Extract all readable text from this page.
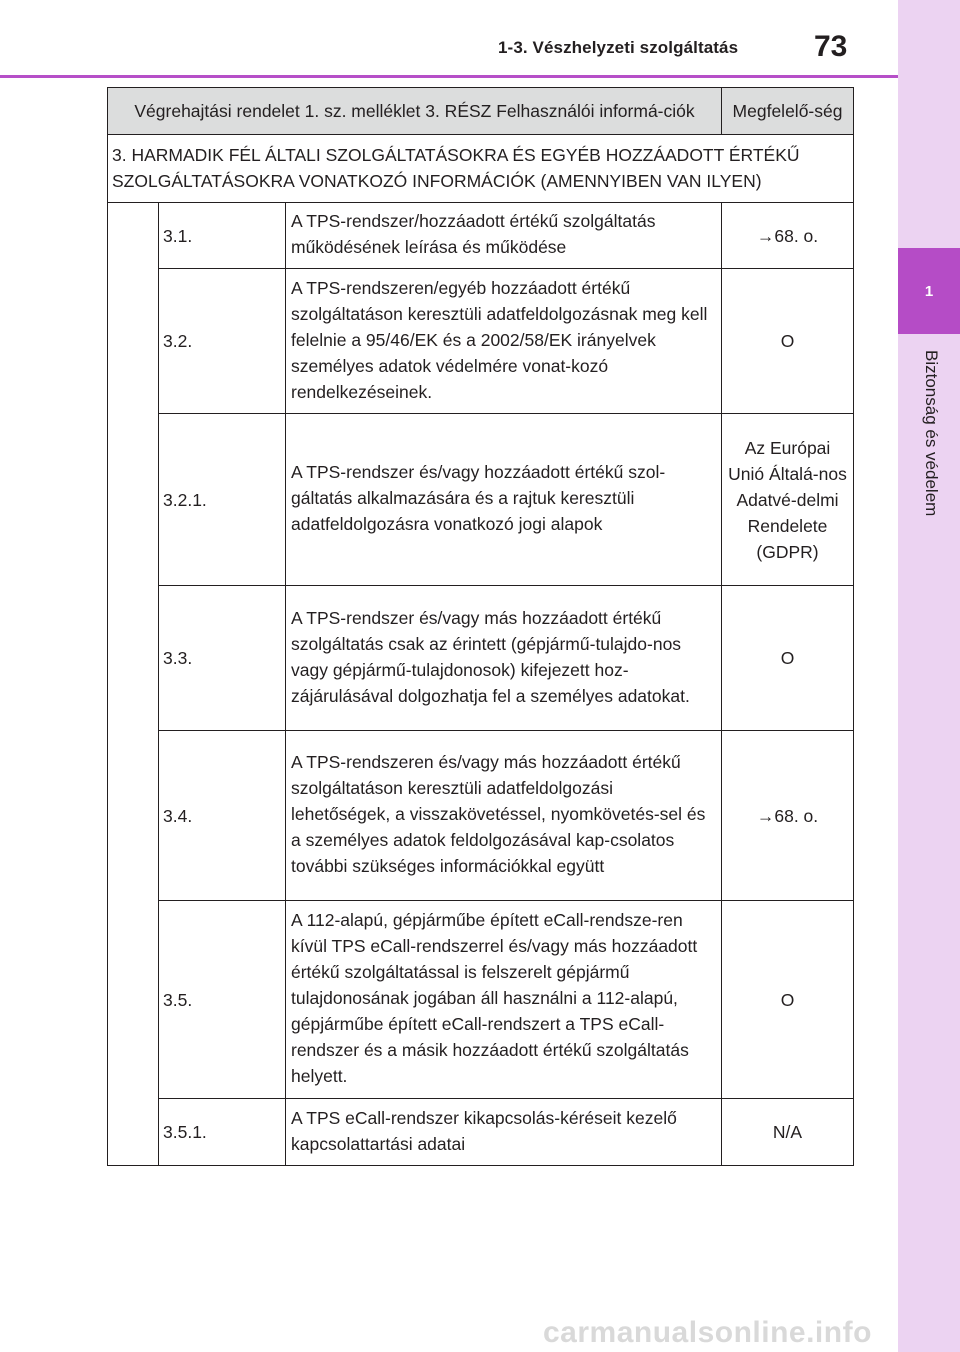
1-3. Vészhelyzeti szolgáltatás	73
1
Biztonság és védelem
Végrehajtási rendelet 1. sz. melléklet 3. RÉSZ Felhasználói informá-ciók			Megfelelő-ség
3. HARMADIK FÉL ÁLTALI SZOLGÁLTATÁSOKRA ÉS EGYÉB HOZZÁADOTT ÉRTÉKŰ SZOLGÁLTATÁSOKRA VONATKOZÓ INFORMÁCIÓK (AMENNYIBEN VAN ILYEN)			
	3.1.	A TPS-rendszer/hozzáadott értékű szolgáltatás működésének leírása és működése	→68. o.
	3.2.	A TPS-rendszeren/egyéb hozzáadott értékű szolgáltatáson keresztüli adatfeldolgozásnak meg kell felelnie a 95/46/EK és a 2002/58/EK irányelvek személyes adatok védelmére vonat-kozó rendelkezéseinek.	O
	3.2.1.	A TPS-rendszer és/vagy hozzáadott értékű szol-gáltatás alkalmazására és a rajtuk keresztüli adatfeldolgozásra vonatkozó jogi alapok	Az Európai Unió Általá-nos Adatvé-delmi Rendelete (GDPR)
	3.3.	A TPS-rendszer és/vagy más hozzáadott értékű szolgáltatás csak az érintett (gépjármű-tulajdo-nos vagy gépjármű-tulajdonosok) kifejezett hoz-zájárulásával dolgozhatja fel a személyes adatokat.	O
	3.4.	A TPS-rendszeren és/vagy más hozzáadott értékű szolgáltatáson keresztüli adatfeldolgozási lehetőségek, a visszakövetéssel, nyomkövetés-sel és a személyes adatok feldolgozásával kap-csolatos további szükséges információkkal együtt	→68. o.
	3.5.	A 112-alapú, gépjárműbe épített eCall-rendsze-ren kívül TPS eCall-rendszerrel és/vagy más hozzáadott értékű szolgáltatással is felszerelt gépjármű tulajdonosának jogában áll használni a 112-alapú, gépjárműbe épített eCall-rendszert a TPS eCall-rendszer és a másik hozzáadott értékű szolgáltatás helyett.	O
	3.5.1.	A TPS eCall-rendszer kikapcsolás-kéréseit kezelő kapcsolattartási adatai	N/A
carmanualsonline.info
